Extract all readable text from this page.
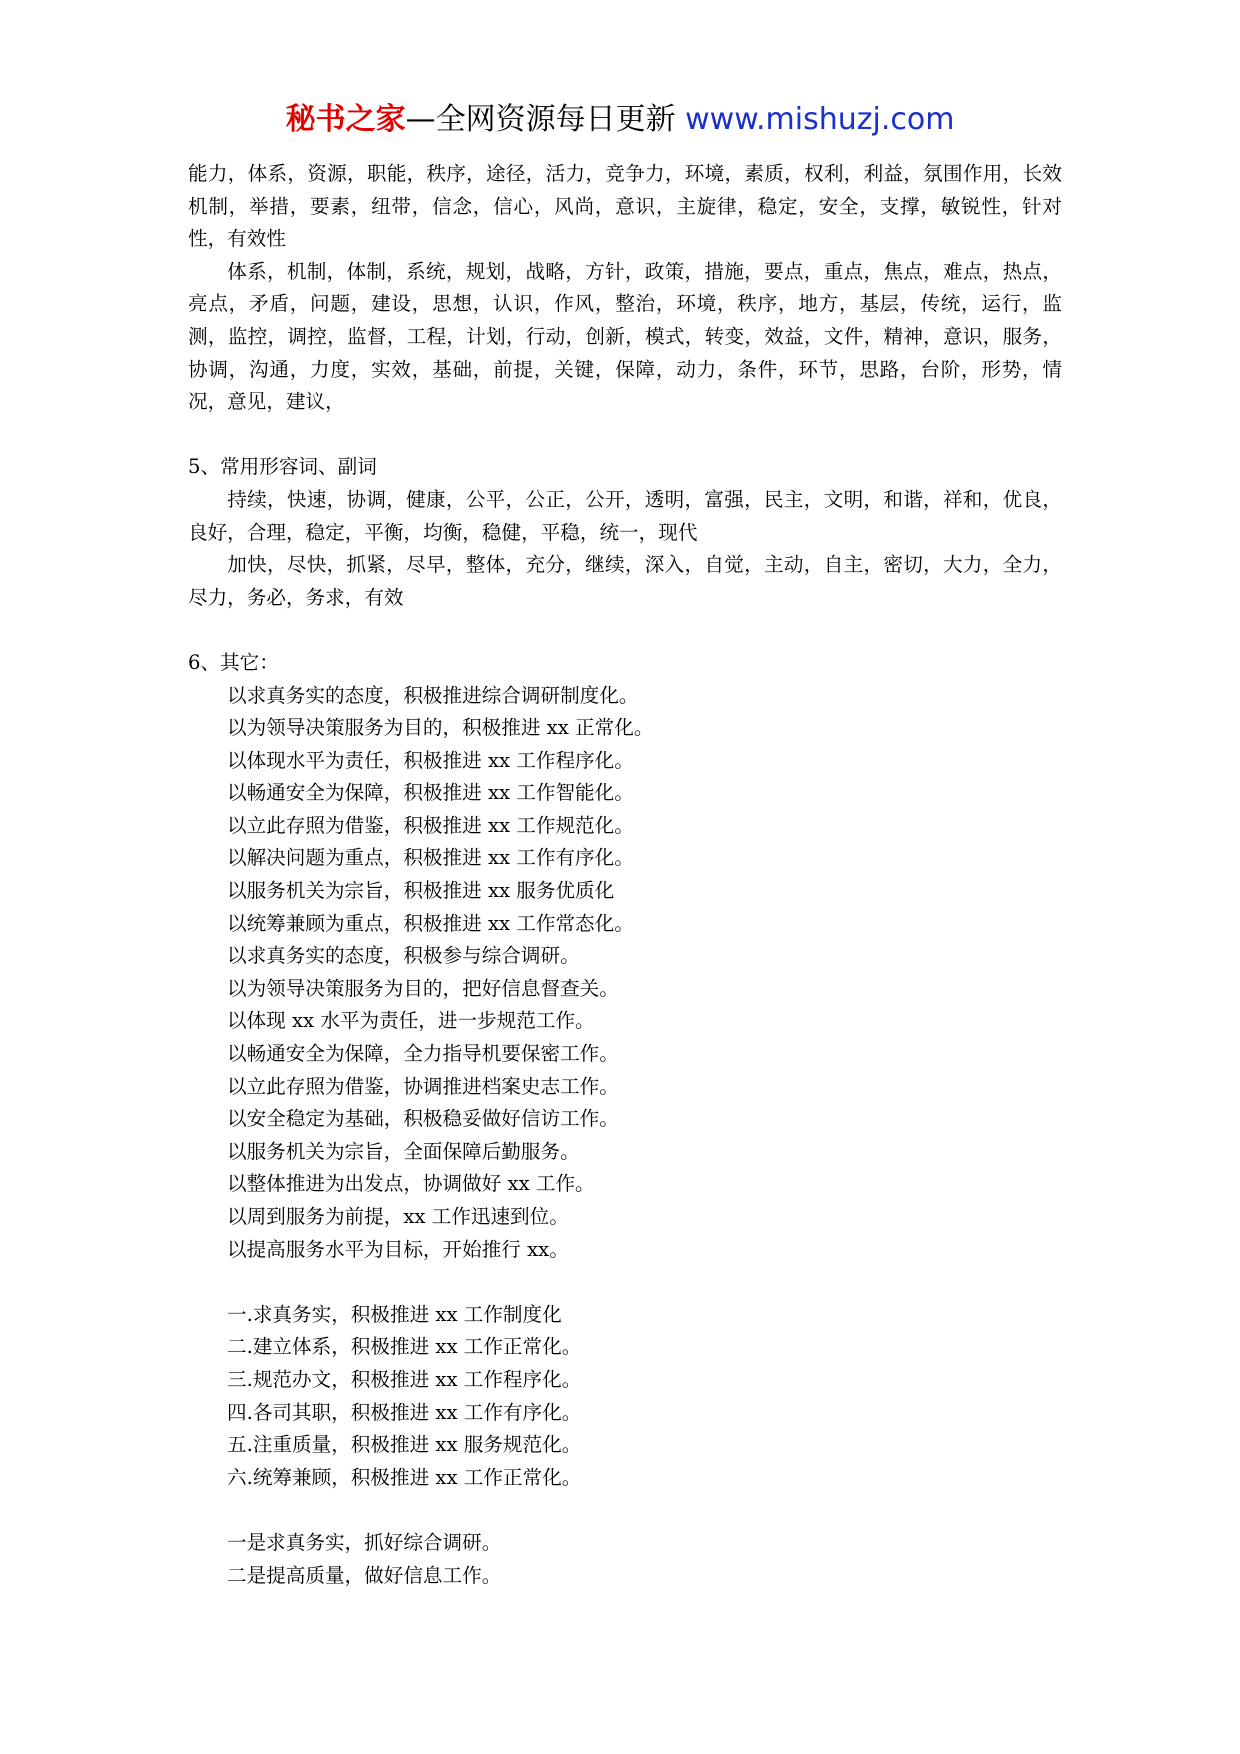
秘书之家—全网资源每日更新 www.mishuzj.com

能力，体系，资源，职能，秩序，途径，活力，竞争力，环境，素质，权利，利益，氛围作用，长效机制，举措，要素，纽带，信念，信心，风尚，意识，主旋律，稳定，安全，支撑，敏锐性，针对性，有效性

体系，机制，体制，系统，规划，战略，方针，政策，措施，要点，重点，焦点，难点，热点，亮点，矛盾，问题，建设，思想，认识，作风，整治，环境，秩序，地方，基层，传统，运行，监测，监控，调控，监督，工程，计划，行动，创新，模式，转变，效益，文件，精神，意识，服务，协调，沟通，力度，实效，基础，前提，关键，保障，动力，条件，环节，思路，台阶，形势，情况，意见，建议，

5、常用形容词、副词

持续，快速，协调，健康，公平，公正，公开，透明，富强，民主，文明，和谐，祥和，优良，良好，合理，稳定，平衡，均衡，稳健，平稳，统一，现代

加快，尽快，抓紧，尽早，整体，充分，继续，深入，自觉，主动，自主，密切，大力，全力，尽力，务必，务求，有效

6、其它：

以求真务实的态度，积极推进综合调研制度化。

以为领导决策服务为目的，积极推进 xx 正常化。

以体现水平为责任，积极推进 xx 工作程序化。

以畅通安全为保障，积极推进 xx 工作智能化。

以立此存照为借鉴，积极推进 xx 工作规范化。

以解决问题为重点，积极推进 xx 工作有序化。

以服务机关为宗旨，积极推进 xx 服务优质化

以统筹兼顾为重点，积极推进 xx 工作常态化。

以求真务实的态度，积极参与综合调研。

以为领导决策服务为目的，把好信息督查关。

以体现 xx 水平为责任，进一步规范工作。

以畅通安全为保障，全力指导机要保密工作。

以立此存照为借鉴，协调推进档案史志工作。

以安全稳定为基础，积极稳妥做好信访工作。

以服务机关为宗旨，全面保障后勤服务。

以整体推进为出发点，协调做好 xx 工作。

以周到服务为前提，xx 工作迅速到位。

以提高服务水平为目标，开始推行 xx。

一.求真务实，积极推进 xx 工作制度化

二.建立体系，积极推进 xx 工作正常化。

三.规范办文，积极推进 xx 工作程序化。

四.各司其职，积极推进 xx 工作有序化。

五.注重质量，积极推进 xx 服务规范化。

六.统筹兼顾，积极推进 xx 工作正常化。

一是求真务实，抓好综合调研。

二是提高质量，做好信息工作。
